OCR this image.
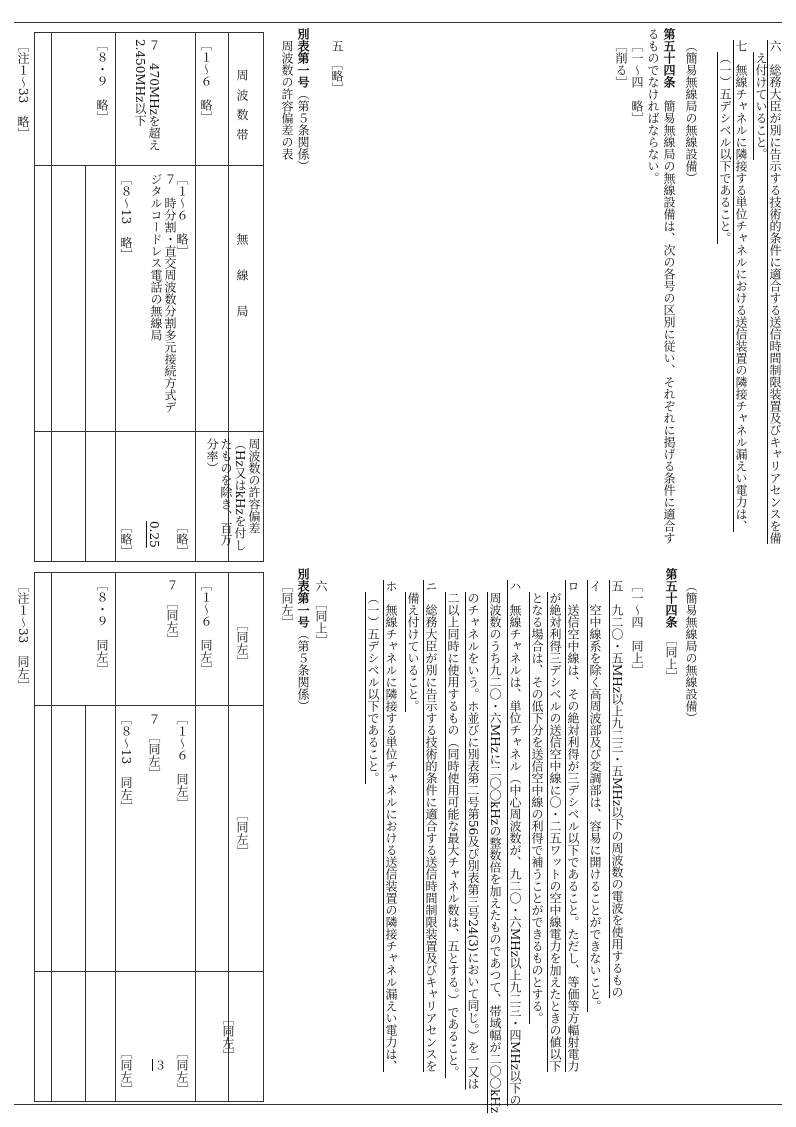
六　総務大臣が別に告示する技術的条件に適合する送信時間制限装置及びキャリアセンスを備
え付けていること。
七　無線チャネルに隣接する単位チャネルにおける送信装置の隣接チャネル漏えい電力は、
（一）五デシベル以下であること。
（簡易無線局の無線設備）
第五十四条　簡易無線局の無線設備は、次の各号の区別に従い、それぞれに掲げる条件に適合す
るものでなければならない。
［一～四　略］
［削る］
五　［略］
別表第一号（第５条関係）
周波数の許容偏差の表
周 波 数 帯
無　　線　　局
周波数の許容偏差（Hz又はkHzを付したものを除き、百万分率）
［１～６　略］
７　470MHzを超え2.450MHz以下
［１～６　略］
７　時分割・直交周波数分割多元接続方式デジタルコードレス電話の無線局
［８～13　略］
［略］
0.25
［略］
［８・９　略］
［注１～33　略］
（簡易無線局の無線設備）
第五十四条　［同上］
［一～四　同上］
五　九二〇・五MHz以上九二三・五MHz以下の周波数の電波を使用するもの
イ　空中線系を除く高周波部及び変調部は、容易に開けることができないこと。
ロ　送信空中線は、その絶対利得が三デシベル以下であること。ただし、等価等方輻射電力
が絶対利得三デシベルの送信空中線に〇・二五ワットの空中線電力を加えたときの値以下
となる場合は、その低下分を送信空中線の利得で補うことができるものとする。
ハ　無線チャネルは、単位チャネル（中心周波数が、九二〇・六MHz以上九二三・四MHz以下の
周波数のうち九二〇・六MHzに二〇〇kHzの整数倍を加えたものであつて、帯域幅が二〇〇kHz
のチャネルをいう。ホ並びに別表第二号第56及び別表第三号24(3)において同じ。）を一又は
二以上同時に使用するもの（同時使用可能な最大チャネル数は、五とする。）であること。
ニ　総務大臣が別に告示する技術的条件に適合する送信時間制限装置及びキャリアセンスを
備え付けていること。
ホ　無線チャネルに隣接する単位チャネルにおける送信装置の隣接チャネル漏えい電力は、
（一）五デシベル以下であること。
六　［同上］
別表第一号（第５条関係）
［同左］
［同左］
［同左］
［同左］
［１～６　同左］
７　［同左］
［１～６　同左］
７　［同左］
［８～13　同左］
［同左］
３
［同左］
［８・９　同左］
［注１～33　同左］
